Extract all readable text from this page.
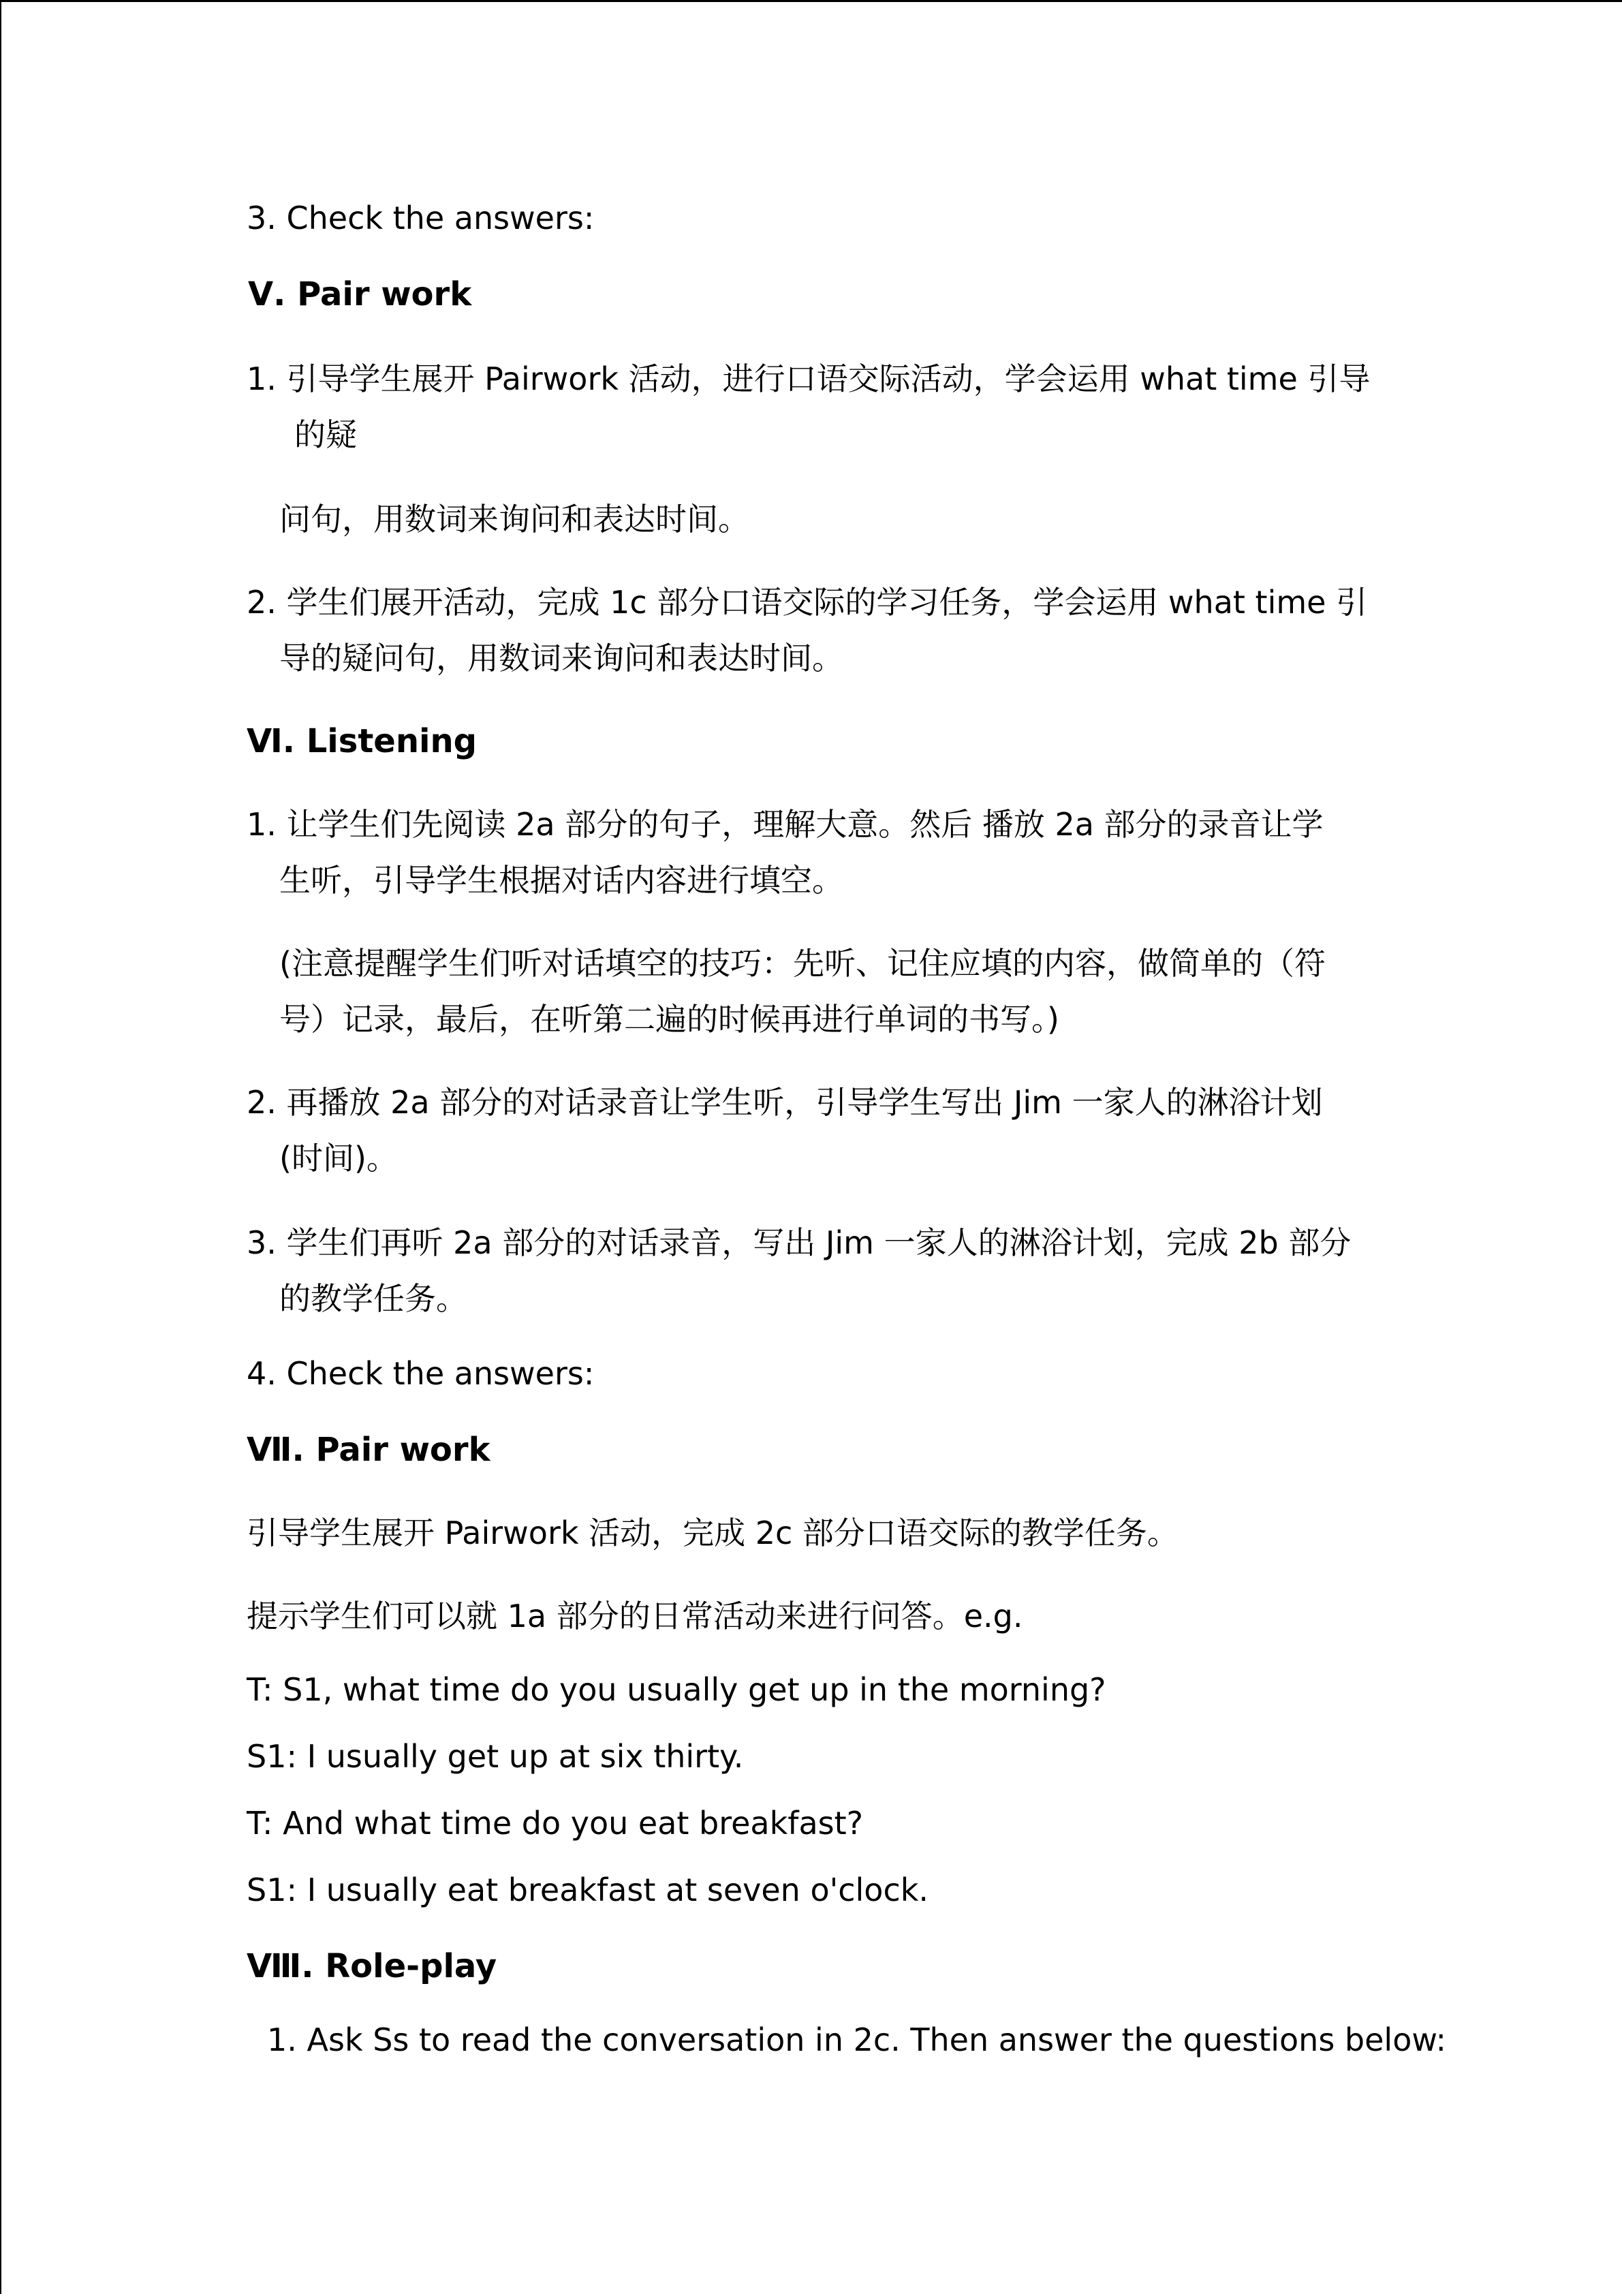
3. Check the answers:
Ⅴ. Pair work
1. 引导学生展开 Pairwork 活动，进行口语交际活动，学会运用 what time 引导
的疑
问句，用数词来询问和表达时间。
2. 学生们展开活动，完成 1c 部分口语交际的学习任务，学会运用 what time 引
导的疑问句，用数词来询问和表达时间。
Ⅵ. Listening
1. 让学生们先阅读 2a 部分的句子，理解大意。然后 播放 2a 部分的录音让学
生听，引导学生根据对话内容进行填空。
(注意提醒学生们听对话填空的技巧：先听、记住应填的内容，做简单的（符
号）记录，最后，在听第二遍的时候再进行单词的书写。)
2. 再播放 2a 部分的对话录音让学生听，引导学生写出 Jim 一家人的淋浴计划
(时间)。
3. 学生们再听 2a 部分的对话录音，写出 Jim 一家人的淋浴计划，完成 2b 部分
的教学任务。
4. Check the answers:
Ⅶ. Pair work
引导学生展开 Pairwork 活动，完成 2c 部分口语交际的教学任务。
提示学生们可以就 1a 部分的日常活动来进行问答。e.g.
T: S1, what time do you usually get up in the morning?
S1: I usually get up at six thirty.
T: And what time do you eat breakfast?
S1: I usually eat breakfast at seven o'clock.
Ⅷ. Role-play
1. Ask Ss to read the conversation in 2c. Then answer the questions below:
